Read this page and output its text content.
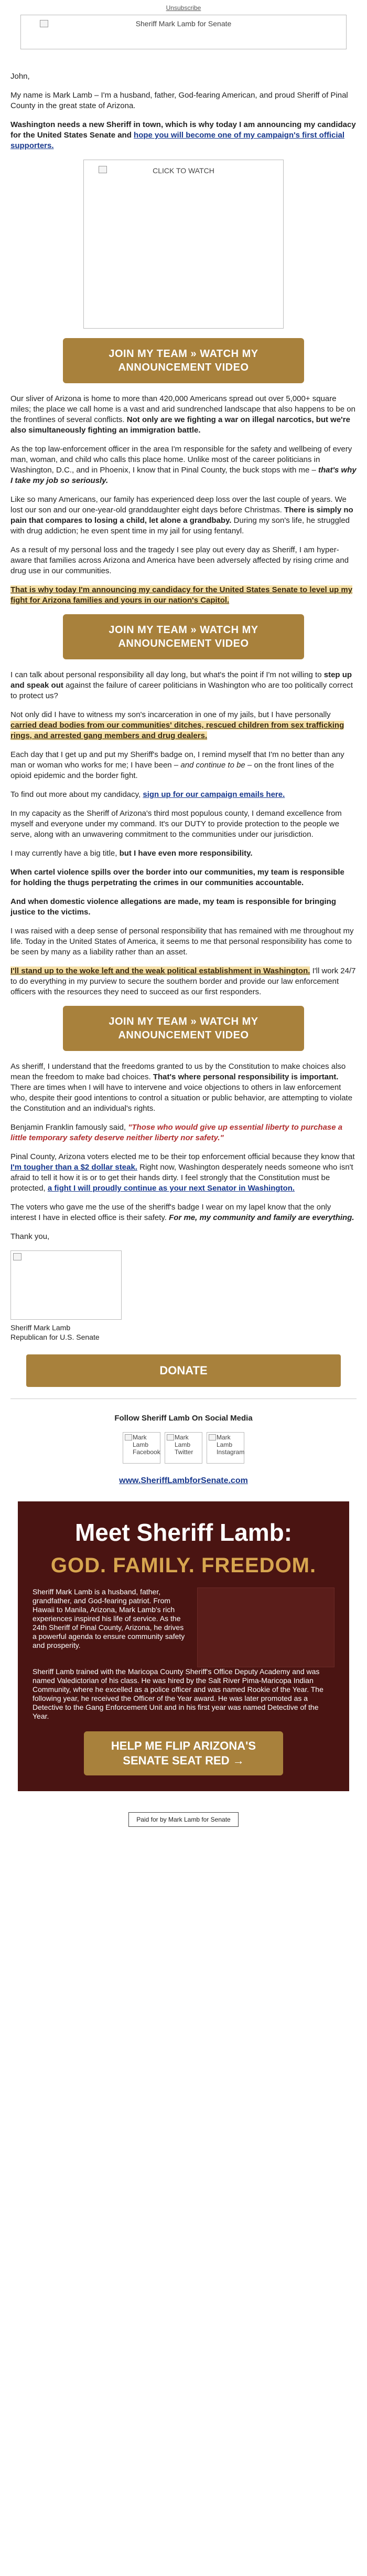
Unsubscribe
Sheriff Mark Lamb for Senate

John,

My name is Mark Lamb – I'm a husband, father, God-fearing American, and proud Sheriff of Pinal County in the great state of Arizona.

Washington needs a new Sheriff in town, which is why today I am announcing my candidacy for the United States Senate and hope you will become one of my campaign's first official supporters.

CLICK TO WATCH
JOIN MY TEAM » WATCH MY ANNOUNCEMENT VIDEO

Our sliver of Arizona is home to more than 420,000 Americans spread out over 5,000+ square miles; the place we call home is a vast and arid sundrenched landscape that also happens to be on the frontlines of several conflicts. Not only are we fighting a war on illegal narcotics, but we're also simultaneously fighting an immigration battle.

As the top law-enforcement officer in the area I'm responsible for the safety and wellbeing of every man, woman, and child who calls this place home. Unlike most of the career politicians in Washington, D.C., and in Phoenix, I know that in Pinal County, the buck stops with me – that's why I take my job so seriously.

Like so many Americans, our family has experienced deep loss over the last couple of years. We lost our son and our one-year-old granddaughter eight days before Christmas. There is simply no pain that compares to losing a child, let alone a grandbaby. During my son's life, he struggled with drug addiction; he even spent time in my jail for using fentanyl.

As a result of my personal loss and the tragedy I see play out every day as Sheriff, I am hyper-aware that families across Arizona and America have been adversely affected by rising crime and drug use in our communities.

That is why today I'm announcing my candidacy for the United States Senate to level up my fight for Arizona families and yours in our nation's Capitol.

JOIN MY TEAM » WATCH MY ANNOUNCEMENT VIDEO

I can talk about personal responsibility all day long, but what's the point if I'm not willing to step up and speak out against the failure of career politicians in Washington who are too politically correct to protect us?

Not only did I have to witness my son's incarceration in one of my jails, but I have personally carried dead bodies from our communities' ditches, rescued children from sex trafficking rings, and arrested gang members and drug dealers.

Each day that I get up and put my Sheriff's badge on, I remind myself that I'm no better than any man or woman who works for me; I have been – and continue to be – on the front lines of the opioid epidemic and the border fight.

To find out more about my candidacy, sign up for our campaign emails here.

In my capacity as the Sheriff of Arizona's third most populous county, I demand excellence from myself and everyone under my command. It's our DUTY to provide protection to the people we serve, along with an unwavering commitment to the communities under our jurisdiction.

I may currently have a big title, but I have even more responsibility.

When cartel violence spills over the border into our communities, my team is responsible for holding the thugs perpetrating the crimes in our communities accountable.

And when domestic violence allegations are made, my team is responsible for bringing justice to the victims.

I was raised with a deep sense of personal responsibility that has remained with me throughout my life. Today in the United States of America, it seems to me that personal responsibility has come to be seen by many as a liability rather than an asset.

I'll stand up to the woke left and the weak political establishment in Washington. I'll work 24/7 to do everything in my purview to secure the southern border and provide our law enforcement officers with the resources they need to succeed as our first responders.

JOIN MY TEAM » WATCH MY ANNOUNCEMENT VIDEO

As sheriff, I understand that the freedoms granted to us by the Constitution to make choices also mean the freedom to make bad choices. That's where personal responsibility is important. There are times when I will have to intervene and voice objections to others in law enforcement who, despite their good intentions to control a situation or public behavior, are attempting to violate the Constitution and an individual's rights.

Benjamin Franklin famously said, "Those who would give up essential liberty to purchase a little temporary safety deserve neither liberty nor safety."

Pinal County, Arizona voters elected me to be their top enforcement official because they know that I'm tougher than a $2 dollar steak. Right now, Washington desperately needs someone who isn't afraid to tell it how it is or to get their hands dirty. I feel strongly that the Constitution must be protected, a fight I will proudly continue as your next Senator in Washington.

The voters who gave me the use of the sheriff's badge I wear on my lapel know that the only interest I have in elected office is their safety. For me, my community and family are everything.

Thank you,

Sheriff Mark Lamb
Republican for U.S. Senate
DONATE
Follow Sheriff Lamb On Social Media
Mark Lamb Facebook
Mark Lamb Twitter
Mark Lamb Instagram
www.SheriffLambforSenate.com
Meet Sheriff Lamb:
GOD. FAMILY. FREEDOM.

Sheriff Mark Lamb is a husband, father, grandfather, and God-fearing patriot. From Hawaii to Manila, Arizona, Mark Lamb's rich experiences inspired his life of service. As the 24th Sheriff of Pinal County, Arizona, he drives a powerful agenda to ensure community safety and prosperity.

Sheriff Lamb trained with the Maricopa County Sheriff's Office Deputy Academy and was named Valedictorian of his class. He was hired by the Salt River Pima-Maricopa Indian Community, where he excelled as a police officer and was named Rookie of the Year. The following year, he received the Officer of the Year award. He was later promoted as a Detective to the Gang Enforcement Unit and in his first year was named Detective of the Year.

HELP ME FLIP ARIZONA'S SENATE SEAT RED →
Paid for by Mark Lamb for Senate
